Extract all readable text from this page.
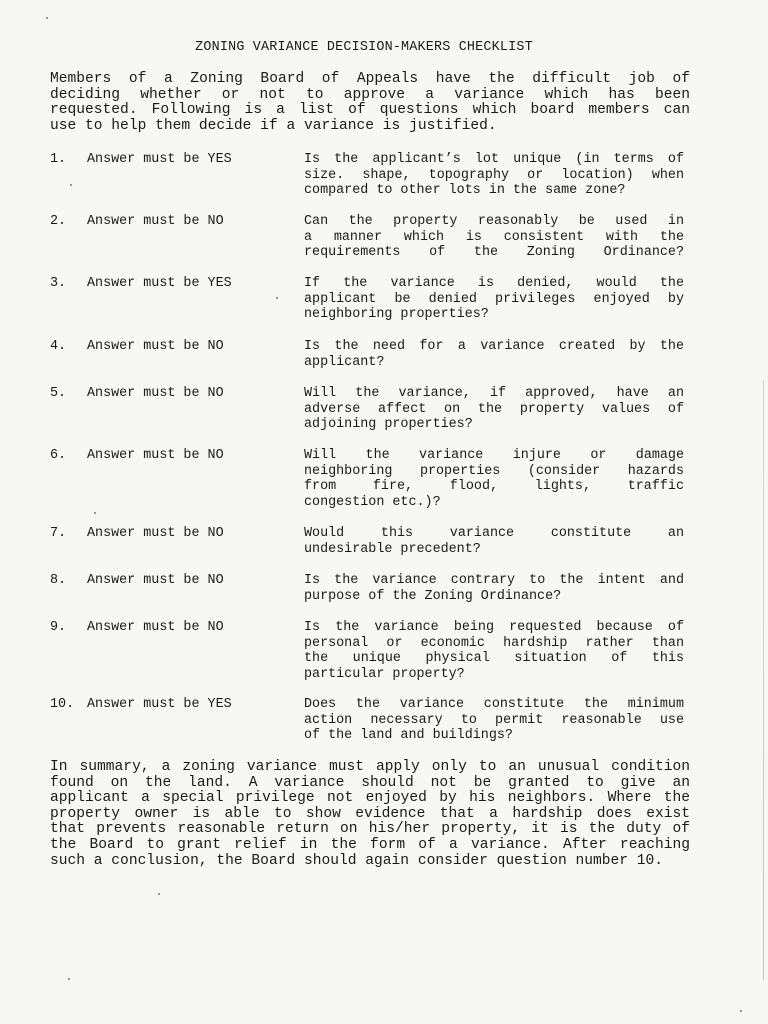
ZONING VARIANCE DECISION-MAKERS CHECKLIST
Members of a Zoning Board of Appeals have the difficult job of
deciding whether or not to approve a variance which has been
requested. Following is a list of questions which board members can
use to help them decide if a variance is justified.
1. Answer must be YES	Is the applicant’s lot unique (in terms of
size. shape, topography or location) when
compared to other lots in the same zone?
2. Answer must be NO	Can the property reasonably be used in
a manner which is consistent with the
requirements of the Zoning Ordinance?
3. Answer must be YES	If the variance is denied, would the
applicant be denied privileges enjoyed by
neighboring properties?
4. Answer must be NO	Is the need for a variance created by the
applicant?
5. Answer must be NO	Will the variance, if approved, have an
adverse affect on the property values of
adjoining properties?
6. Answer must be NO	Will the variance injure or damage
neighboring properties (consider hazards
from fire, flood, lights, traffic
congestion etc.)?
7. Answer must be NO	Would this variance constitute an
undesirable precedent?
8. Answer must be NO	Is the variance contrary to the intent and
purpose of the Zoning Ordinance?
9. Answer must be NO	Is the variance being requested because of
personal or economic hardship rather than
the unique physical situation of this
particular property?
10. Answer must be YES	Does the variance constitute the minimum
action necessary to permit reasonable use
of the land and buildings?
In summary, a zoning variance must apply only to an unusual condition
found on the land. A variance should not be granted to give an
applicant a special privilege not enjoyed by his neighbors. Where the
property owner is able to show evidence that a hardship does exist
that prevents reasonable return on his/her property, it is the duty of
the Board to grant relief in the form of a variance. After reaching
such a conclusion, the Board should again consider question number 10.
